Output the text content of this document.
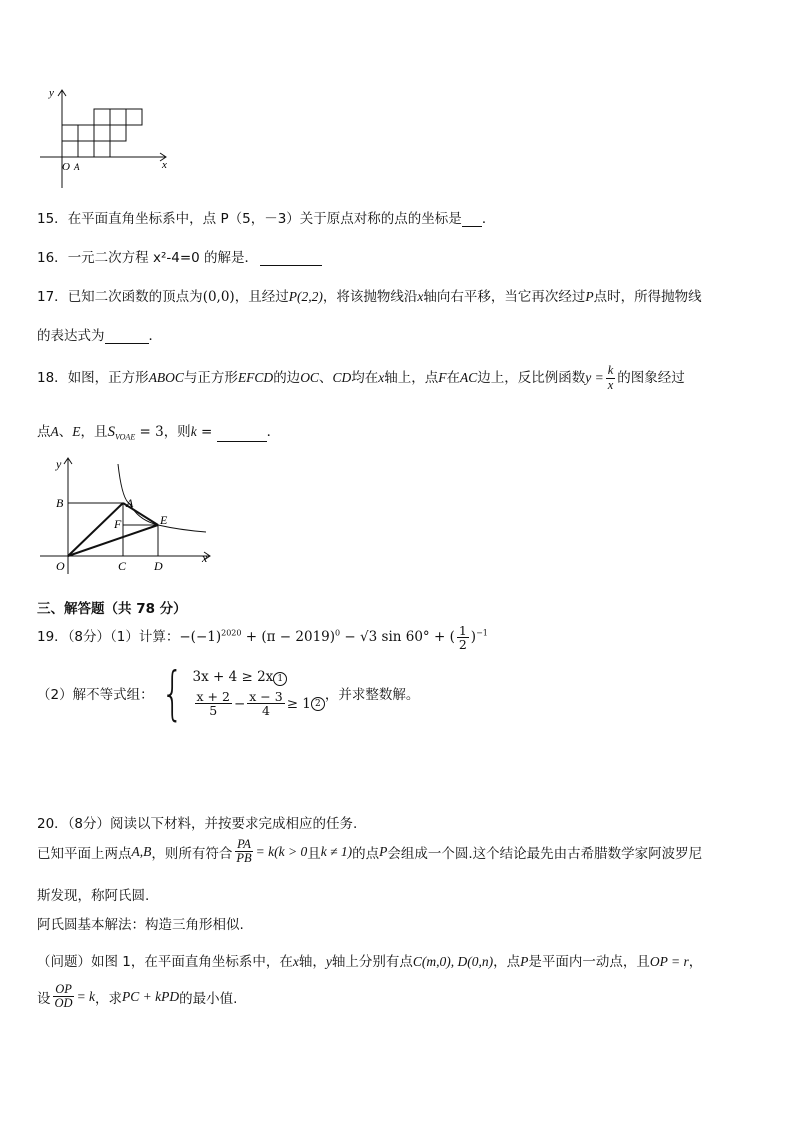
y
x
O A
15．在平面直角坐标系中，点 P（5，－3）关于原点对称的点的坐标是 ．
16．一元二次方程 x²-4=0 的解是．
17．已知二次函数的顶点为(0,0)，且经过P(2,2)，将该抛物线沿x轴向右平移，当它再次经过P点时，所得抛物线
的表达式为	．
18．如图，正方形ABOC与正方形EFCD的边OC、CD均在x轴上，点F在AC边上，反比例函数$y = \frac{k}{x}$ 的图象经过
点A、E，且$S_{VOAE} = 3$，则k =	．
y
x
B	A
F	E
O	C D
三、解答题（共 78 分）
19．（8分）（1）计算：$-(-1)^{2020} + (\pi - 2019)^0 - √3$ sin 60° + ( $\frac{1}{2} )^{-1}$
（2）解不等式组： { 3x + 4 ≥ 2x 1
$\frac{x + 2}{5} - \frac{x - 3}{4} \ge 1$ 2
，并求整数解。
20．（8分）阅读以下材料，并按要求完成相应的任务.
已知平面上两点 A,B ，则所有符合 $\frac{PA}{PB} = k(k > 0$ 且 k ≠ 1) 的点 P 会组成一个圆.这个结论最先由古希腊数学家阿波罗尼
斯发现，称阿氏圆.
阿氏圆基本解法：构造三角形相似.
（问题）如图 1，在平面直角坐标系中，在x轴，y轴上分别有点C(m,0), D(0,n)，点P是平面内一动点，且OP = r，
设 $\frac{OP}{OD} = k$ ，求 PC + kPD 的最小值.
